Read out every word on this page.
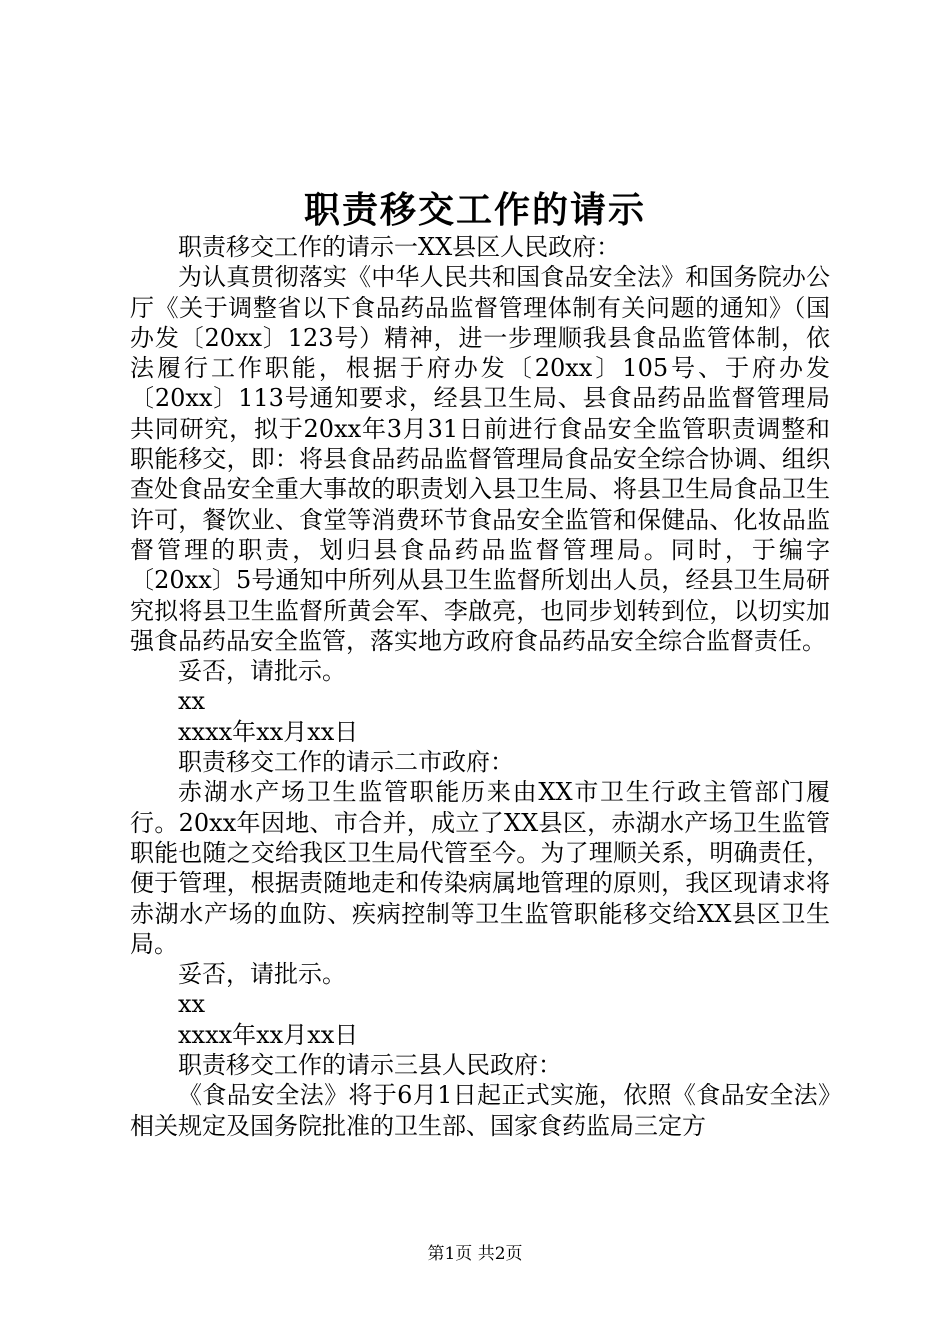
职责移交工作的请示

职责移交工作的请示一XX县区人民政府：

为认真贯彻落实《中华人民共和国食品安全法》和国务院办公厅《关于调整省以下食品药品监督管理体制有关问题的通知》（国办发〔20xx〕123号）精神，进一步理顺我县食品监管体制，依法履行工作职能，根据于府办发〔20xx〕105号、于府办发〔20xx〕113号通知要求，经县卫生局、县食品药品监督管理局共同研究，拟于20xx年3月31日前进行食品安全监管职责调整和职能移交，即：将县食品药品监督管理局食品安全综合协调、组织查处食品安全重大事故的职责划入县卫生局、将县卫生局食品卫生许可，餐饮业、食堂等消费环节食品安全监管和保健品、化妆品监督管理的职责，划归县食品药品监督管理局。同时，于编字〔20xx〕5号通知中所列从县卫生监督所划出人员，经县卫生局研究拟将县卫生监督所黄会军、李啟亮，也同步划转到位，以切实加强食品药品安全监管，落实地方政府食品药品安全综合监督责任。

妥否，请批示。

xx

xxxx年xx月xx日

职责移交工作的请示二市政府：

赤湖水产场卫生监管职能历来由XX市卫生行政主管部门履行。20xx年因地、市合并，成立了XX县区，赤湖水产场卫生监管职能也随之交给我区卫生局代管至今。为了理顺关系，明确责任，便于管理，根据责随地走和传染病属地管理的原则，我区现请求将赤湖水产场的血防、疾病控制等卫生监管职能移交给XX县区卫生局。

妥否，请批示。

xx

xxxx年xx月xx日

职责移交工作的请示三县人民政府：

《食品安全法》将于6月1日起正式实施，依照《食品安全法》相关规定及国务院批准的卫生部、国家食药监局三定方

第1页 共2页
